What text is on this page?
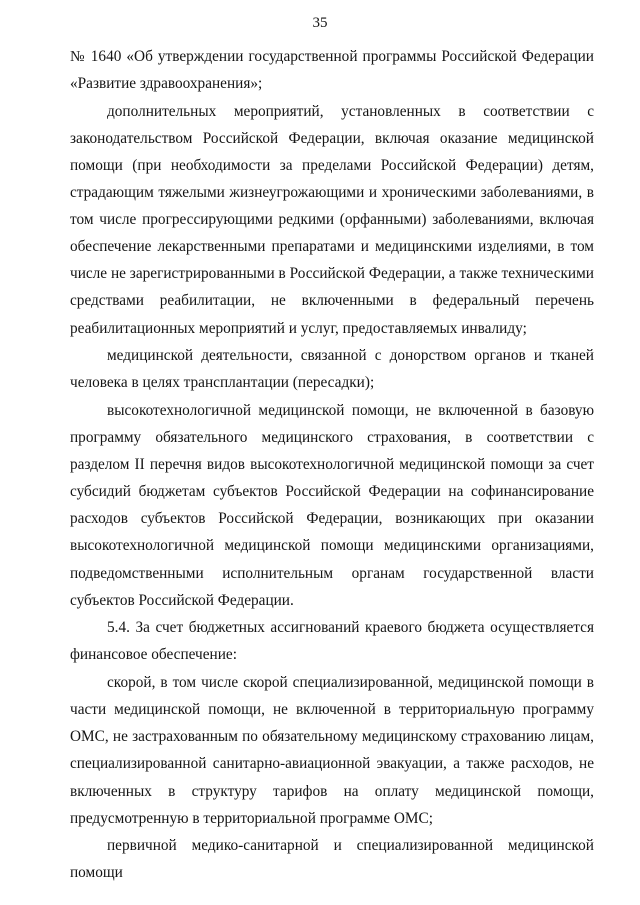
35

№ 1640 «Об утверждении государственной программы Российской Федерации «Развитие здравоохранения»;

дополнительных мероприятий, установленных в соответствии с законодательством Российской Федерации, включая оказание медицинской помощи (при необходимости за пределами Российской Федерации) детям, страдающим тяжелыми жизнеугрожающими и хроническими заболеваниями, в том числе прогрессирующими редкими (орфанными) заболеваниями, включая обеспечение лекарственными препаратами и медицинскими изделиями, в том числе не зарегистрированными в Российской Федерации, а также техническими средствами реабилитации, не включенными в федеральный перечень реабилитационных мероприятий и услуг, предоставляемых инвалиду;

медицинской деятельности, связанной с донорством органов и тканей человека в целях трансплантации (пересадки);

высокотехнологичной медицинской помощи, не включенной в базовую программу обязательного медицинского страхования, в соответствии с разделом II перечня видов высокотехнологичной медицинской помощи за счет субсидий бюджетам субъектов Российской Федерации на софинансирование расходов субъектов Российской Федерации, возникающих при оказании высокотехнологичной медицинской помощи медицинскими организациями, подведомственными исполнительным органам государственной власти субъектов Российской Федерации.

5.4. За счет бюджетных ассигнований краевого бюджета осуществляется финансовое обеспечение:

скорой, в том числе скорой специализированной, медицинской помощи в части медицинской помощи, не включенной в территориальную программу ОМС, не застрахованным по обязательному медицинскому страхованию лицам, специализированной санитарно-авиационной эвакуации, а также расходов, не включенных в структуру тарифов на оплату медицинской помощи, предусмотренную в территориальной программе ОМС;

первичной медико-санитарной и специализированной медицинской помощи
